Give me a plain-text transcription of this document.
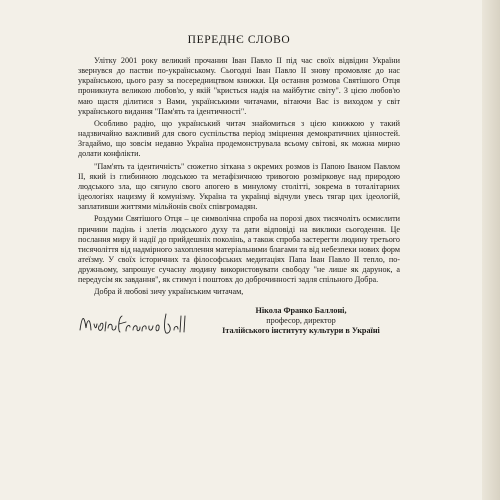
ПЕРЕДНЄ СЛОВО

Улітку 2001 року великий прочанин Іван Павло II під час своїх відвідин України звернувся до пастви по-українському. Сьогодні Іван Павло II знову промовляє до нас українською, цього разу за посередництвом книжки. Ця остання розмова Святішого Отця проникнута великою любов'ю, у якій "кристься надія на майбутнє світу". З цією любов'ю маю щастя ділитися з Вами, українськими читачами, вітаючи Вас із виходом у світ українського видання "Пам'ять та ідентичності".

Особливо радію, що український читач знайомиться з цією книжкою у такий надзвичайно важливий для свого суспільства період зміцнення демократичних цінностей. Згадаймо, що зовсім недавно Україна продемонструвала всьому світові, як можна мирно долати конфлікти.

"Пам'ять та ідентичність" сюжетно зіткана з окремих розмов із Папою Іваном Павлом II, який із глибинною людською та метафізичною тривогою розмірковує над природою людського зла, що сягнуло свого апогею в минулому столітті, зокрема в тоталітарних ідеологіях нацизму й комунізму. Україна та українці відчули увесь тягар цих ідеологій, заплативши життями мільйонів своїх співгромадян.

Роздуми Святішого Отця – це символічна спроба на порозі двох тисячоліть осмислити причини падінь і злетів людського духу та дати відповіді на виклики сьогодення. Це послання миру й надії до прийдешніх поколінь, а також спроба застерегти людину третього тисячоліття від надмірного захоплення матеріальними благами та від небезпеки нових форм атеїзму. У своїх історичних та філософських медитаціях Папа Іван Павло II тепло, по-дружньому, запрошує сучасну людину використовувати свободу "не лише як дарунок, а передусім як завдання", як стимул і поштовх до доброчинності задля спільного Добра.

Добра й любові зичу українським читачам,

Нікола Франко Баллоні,
професор, директор
Італійського інституту культури в Україні
